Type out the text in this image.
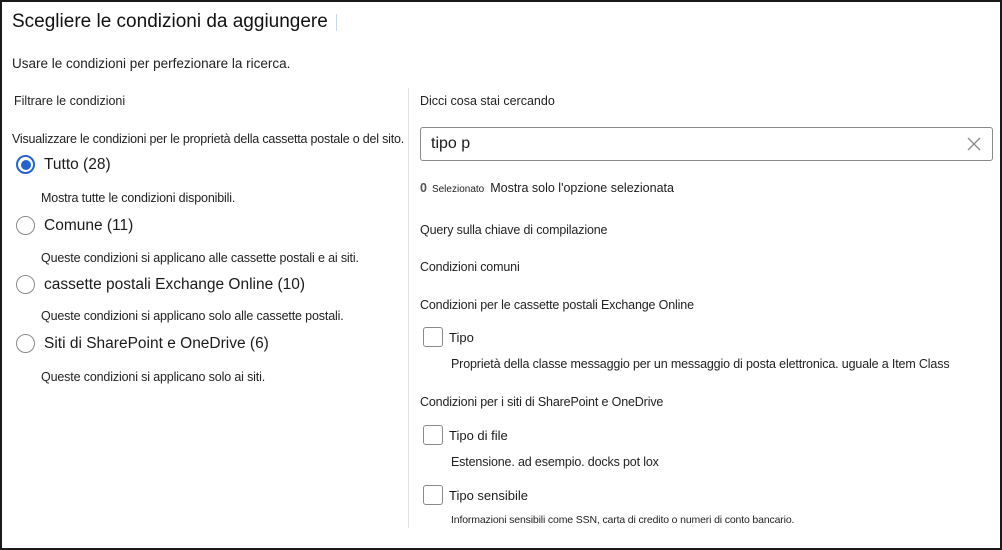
Scegliere le condizioni da aggiungere
Usare le condizioni per perfezionare la ricerca.
Filtrare le condizioni
Visualizzare le condizioni per le proprietà della cassetta postale o del sito.
Tutto (28)
Mostra tutte le condizioni disponibili.
Comune (11)
Queste condizioni si applicano alle cassette postali e ai siti.
cassette postali Exchange Online (10)
Queste condizioni si applicano solo alle cassette postali.
Siti di SharePoint e OneDrive (6)
Queste condizioni si applicano solo ai siti.
Dicci cosa stai cercando
tipo p
0 Selezionato Mostra solo l'opzione selezionata
Query sulla chiave di compilazione
Condizioni comuni
Condizioni per le cassette postali Exchange Online
Tipo
Proprietà della classe messaggio per un messaggio di posta elettronica. uguale a Item Class
Condizioni per i siti di SharePoint e OneDrive
Tipo di file
Estensione. ad esempio. docks pot lox
Tipo sensibile
Informazioni sensibili come SSN, carta di credito o numeri di conto bancario.
